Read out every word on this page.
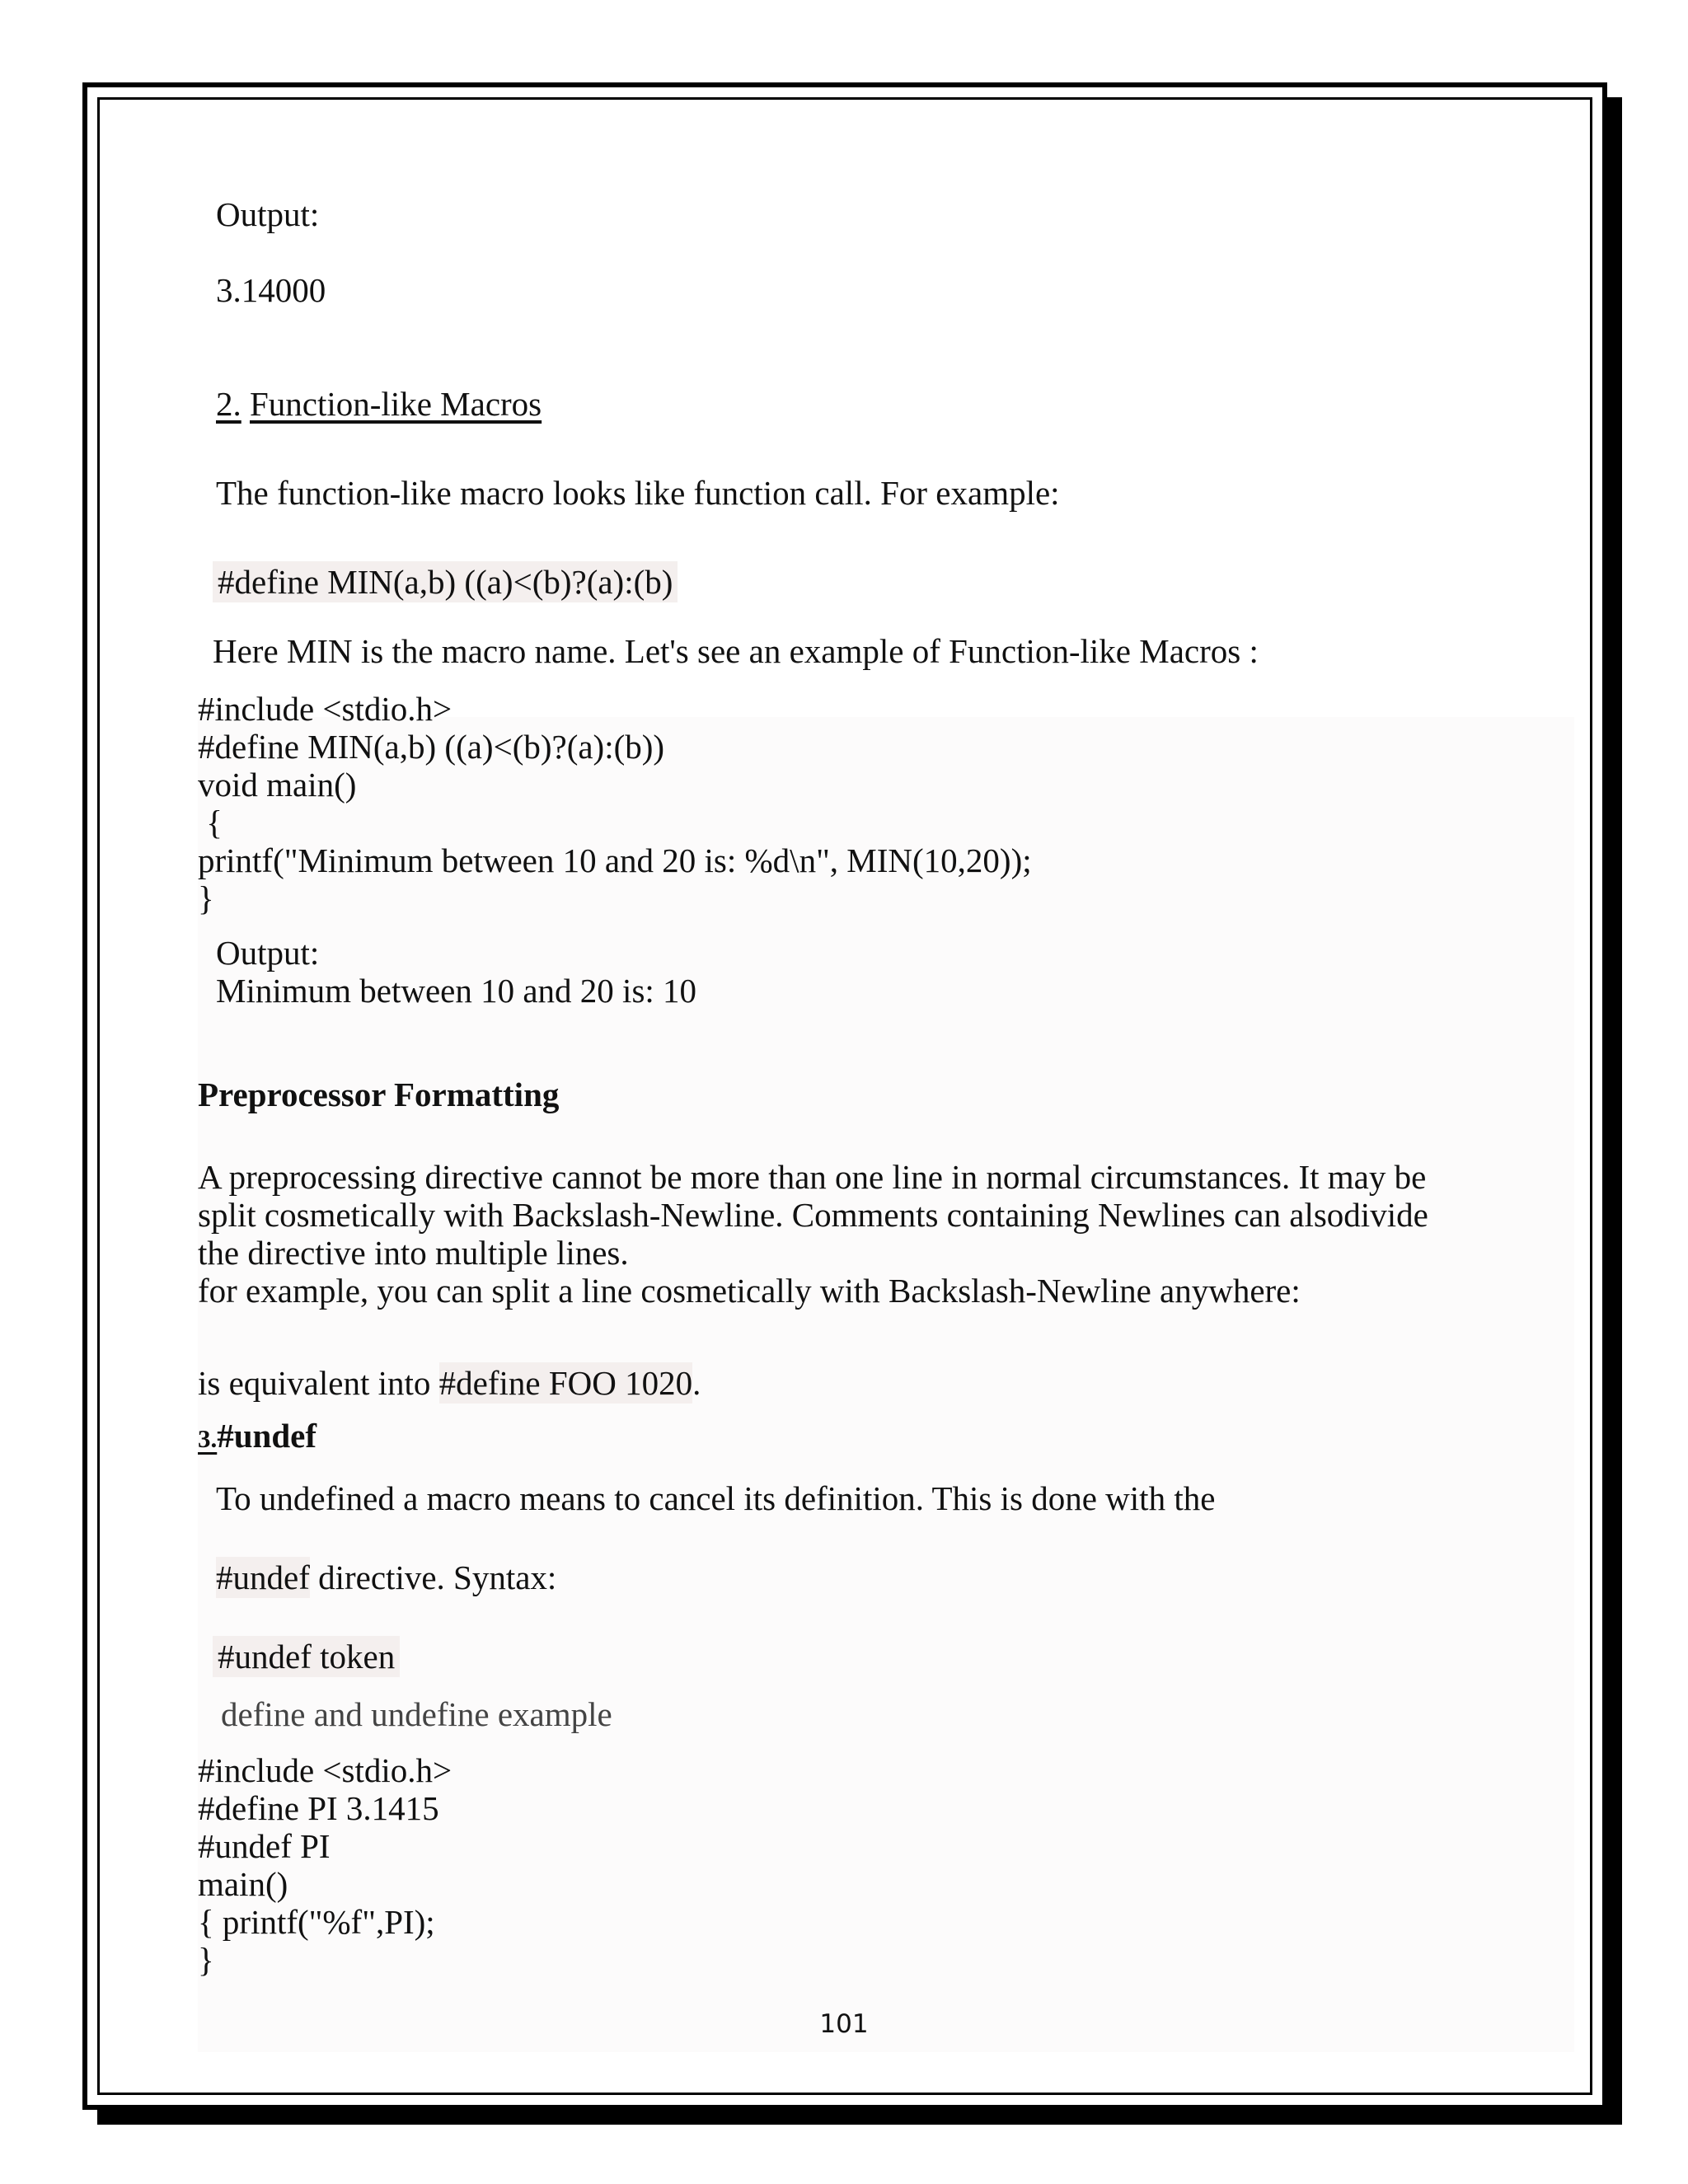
Output:

3.14000

2. Function-like Macros

The function-like macro looks like function call. For example:

#define MIN(a,b) ((a)<(b)?(a):(b)

Here MIN is the macro name. Let's see an example of Function-like Macros :

#include <stdio.h>

#define MIN(a,b) ((a)<(b)?(a):(b))

void main()

{

printf("Minimum between 10 and 20 is: %d\n", MIN(10,20));

}

Output:

Minimum between 10 and 20 is: 10

Preprocessor Formatting

A preprocessing directive cannot be more than one line in normal circumstances. It may be

split cosmetically with Backslash-Newline. Comments containing Newlines can alsodivide

the directive into multiple lines.

for example, you can split a line cosmetically with Backslash-Newline anywhere:

is equivalent into #define FOO 1020.

3.#undef

To undefined a macro means to cancel its definition. This is done with the

#undef directive. Syntax:

#undef token

define and undefine example

#include <stdio.h>

#define PI 3.1415

#undef PI

main()

{ printf("%f",PI);

}

101
